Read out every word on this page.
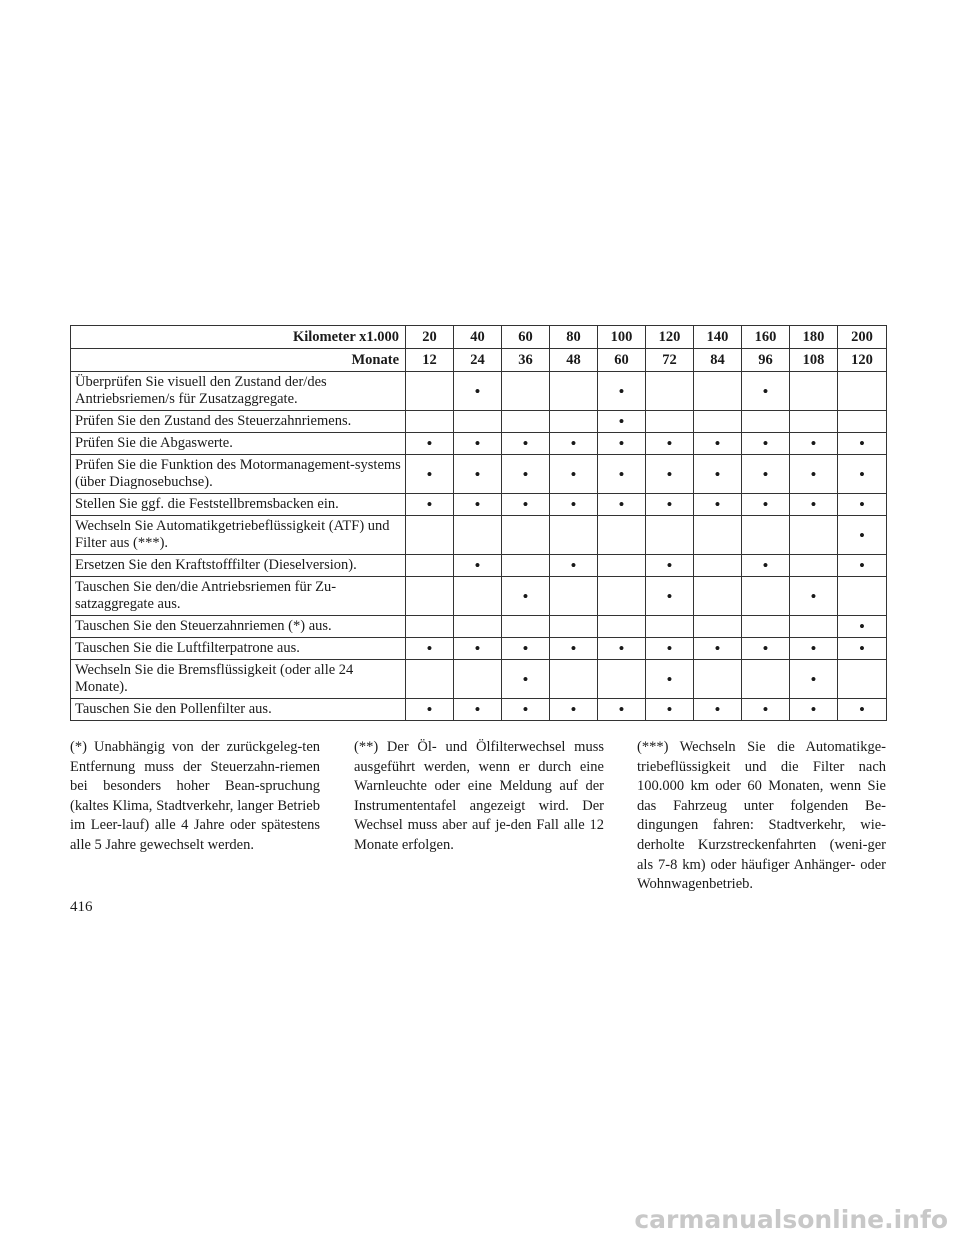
Kilometer x1.000	20	40	60	80	100	120	140	160	180	200
Monate	12	24	36	48	60	72	84	96	108	120
Überprüfen Sie visuell den Zustand der/des Antriebsriemen/s für Zusatzaggregate.		•			•			•		
Prüfen Sie den Zustand des Steuerzahnriemens.					•					
Prüfen Sie die Abgaswerte.	•	•	•	•	•	•	•	•	•	•
Prüfen Sie die Funktion des Motormanagement-systems (über Diagnosebuchse).	•	•	•	•	•	•	•	•	•	•
Stellen Sie ggf. die Feststellbremsbacken ein.	•	•	•	•	•	•	•	•	•	•
Wechseln Sie Automatikgetriebeflüssigkeit (ATF) und Filter aus (***).										•
Ersetzen Sie den Kraftstofffilter (Dieselversion).		•		•		•		•		•
Tauschen Sie den/die Antriebsriemen für Zu-satzaggregate aus.			•			•			•	
Tauschen Sie den Steuerzahnriemen (*) aus.										•
Tauschen Sie die Luftfilterpatrone aus.	•	•	•	•	•	•	•	•	•	•
Wechseln Sie die Bremsflüssigkeit (oder alle 24 Monate).			•			•			•	
Tauschen Sie den Pollenfilter aus.	•	•	•	•	•	•	•	•	•	•
(*) Unabhängig von der zurückgeleg-ten Entfernung muss der Steuerzahn-riemen bei besonders hoher Bean-spruchung (kaltes Klima, Stadtverkehr, langer Betrieb im Leer-lauf) alle 4 Jahre oder spätestens alle 5 Jahre gewechselt werden.
(**) Der Öl- und Ölfilterwechsel muss ausgeführt werden, wenn er durch eine Warnleuchte oder eine Meldung auf der Instrumententafel angezeigt wird. Der Wechsel muss aber auf je-den Fall alle 12 Monate erfolgen.
(***) Wechseln Sie die Automatikge-triebeflüssigkeit und die Filter nach 100.000 km oder 60 Monaten, wenn Sie das Fahrzeug unter folgenden Be-dingungen fahren: Stadtverkehr, wie-derholte Kurzstreckenfahrten (weni-ger als 7-8 km) oder häufiger Anhänger- oder Wohnwagenbetrieb.
416
carmanualsonline.info
